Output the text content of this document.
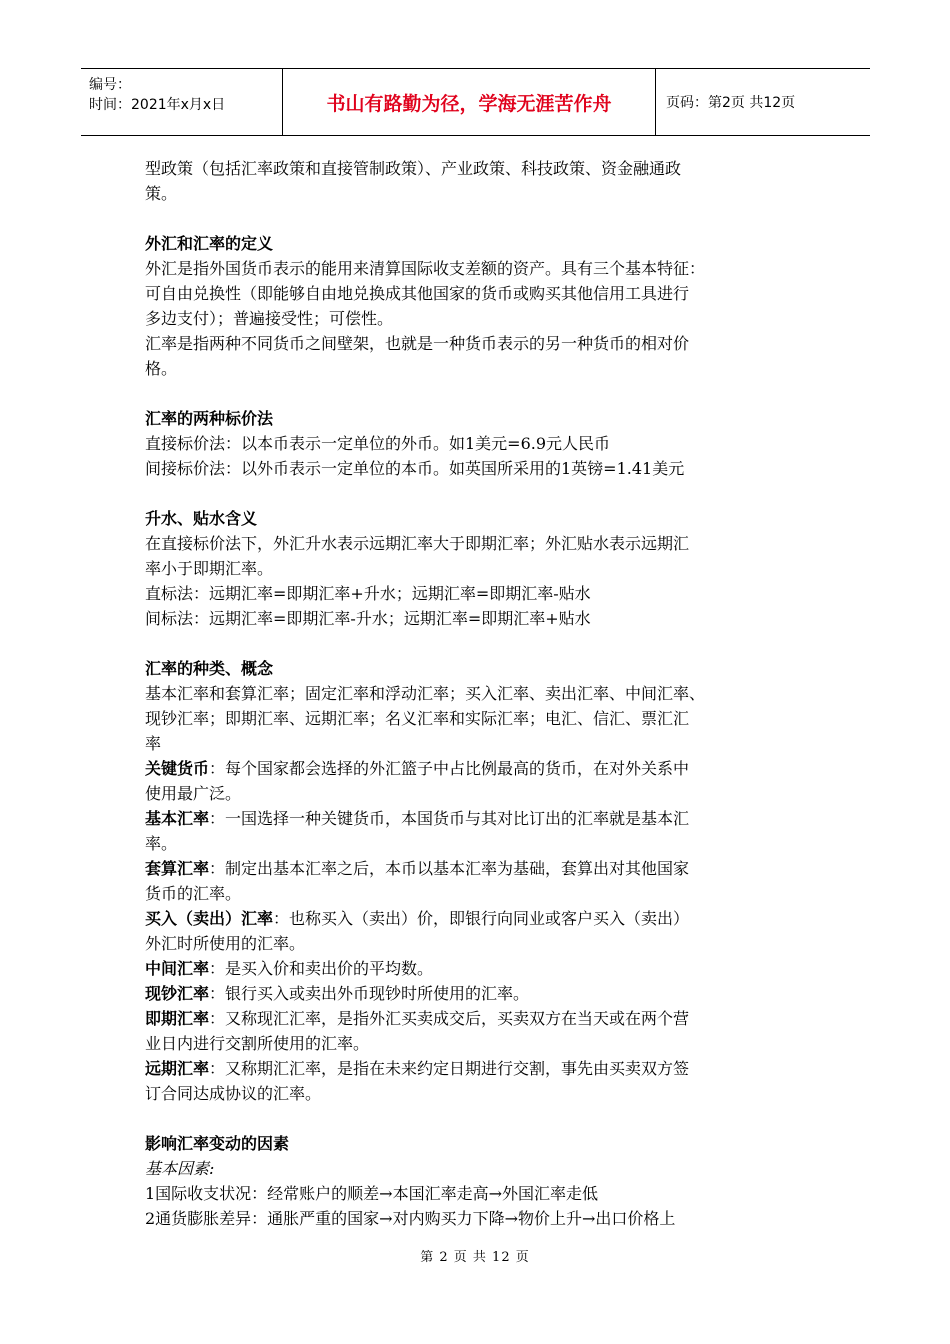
编号：
时间：2021年x月x日	书山有路勤为径，学海无涯苦作舟	页码：第2页 共12页

型政策（包括汇率政策和直接管制政策）、产业政策、科技政策、资金融通政

策。

外汇和汇率的定义

外汇是指外国货币表示的能用来清算国际收支差额的资产。具有三个基本特征：

可自由兑换性（即能够自由地兑换成其他国家的货币或购买其他信用工具进行

多边支付）；普遍接受性；可偿性。

汇率是指两种不同货币之间壁架，也就是一种货币表示的另一种货币的相对价

格。

汇率的两种标价法

直接标价法：以本币表示一定单位的外币。如1美元=6.9元人民币

间接标价法：以外币表示一定单位的本币。如英国所采用的1英镑=1.41美元

升水、贴水含义

在直接标价法下，外汇升水表示远期汇率大于即期汇率；外汇贴水表示远期汇

率小于即期汇率。

直标法：远期汇率=即期汇率+升水；远期汇率=即期汇率-贴水

间标法：远期汇率=即期汇率-升水；远期汇率=即期汇率+贴水

汇率的种类、概念

基本汇率和套算汇率；固定汇率和浮动汇率；买入汇率、卖出汇率、中间汇率、

现钞汇率；即期汇率、远期汇率；名义汇率和实际汇率；电汇、信汇、票汇汇

率

关键货币：每个国家都会选择的外汇篮子中占比例最高的货币，在对外关系中

使用最广泛。

基本汇率：一国选择一种关键货币，本国货币与其对比订出的汇率就是基本汇

率。

套算汇率：制定出基本汇率之后，本币以基本汇率为基础，套算出对其他国家

货币的汇率。

买入（卖出）汇率：也称买入（卖出）价，即银行向同业或客户买入（卖出）

外汇时所使用的汇率。

中间汇率：是买入价和卖出价的平均数。

现钞汇率：银行买入或卖出外币现钞时所使用的汇率。

即期汇率：又称现汇汇率，是指外汇买卖成交后，买卖双方在当天或在两个营

业日内进行交割所使用的汇率。

远期汇率：又称期汇汇率，是指在未来约定日期进行交割，事先由买卖双方签

订合同达成协议的汇率。

影响汇率变动的因素

基本因素:

1国际收支状况：经常账户的顺差→本国汇率走高→外国汇率走低

2通货膨胀差异：通胀严重的国家→对内购买力下降→物价上升→出口价格上

第 2 页 共 12 页
